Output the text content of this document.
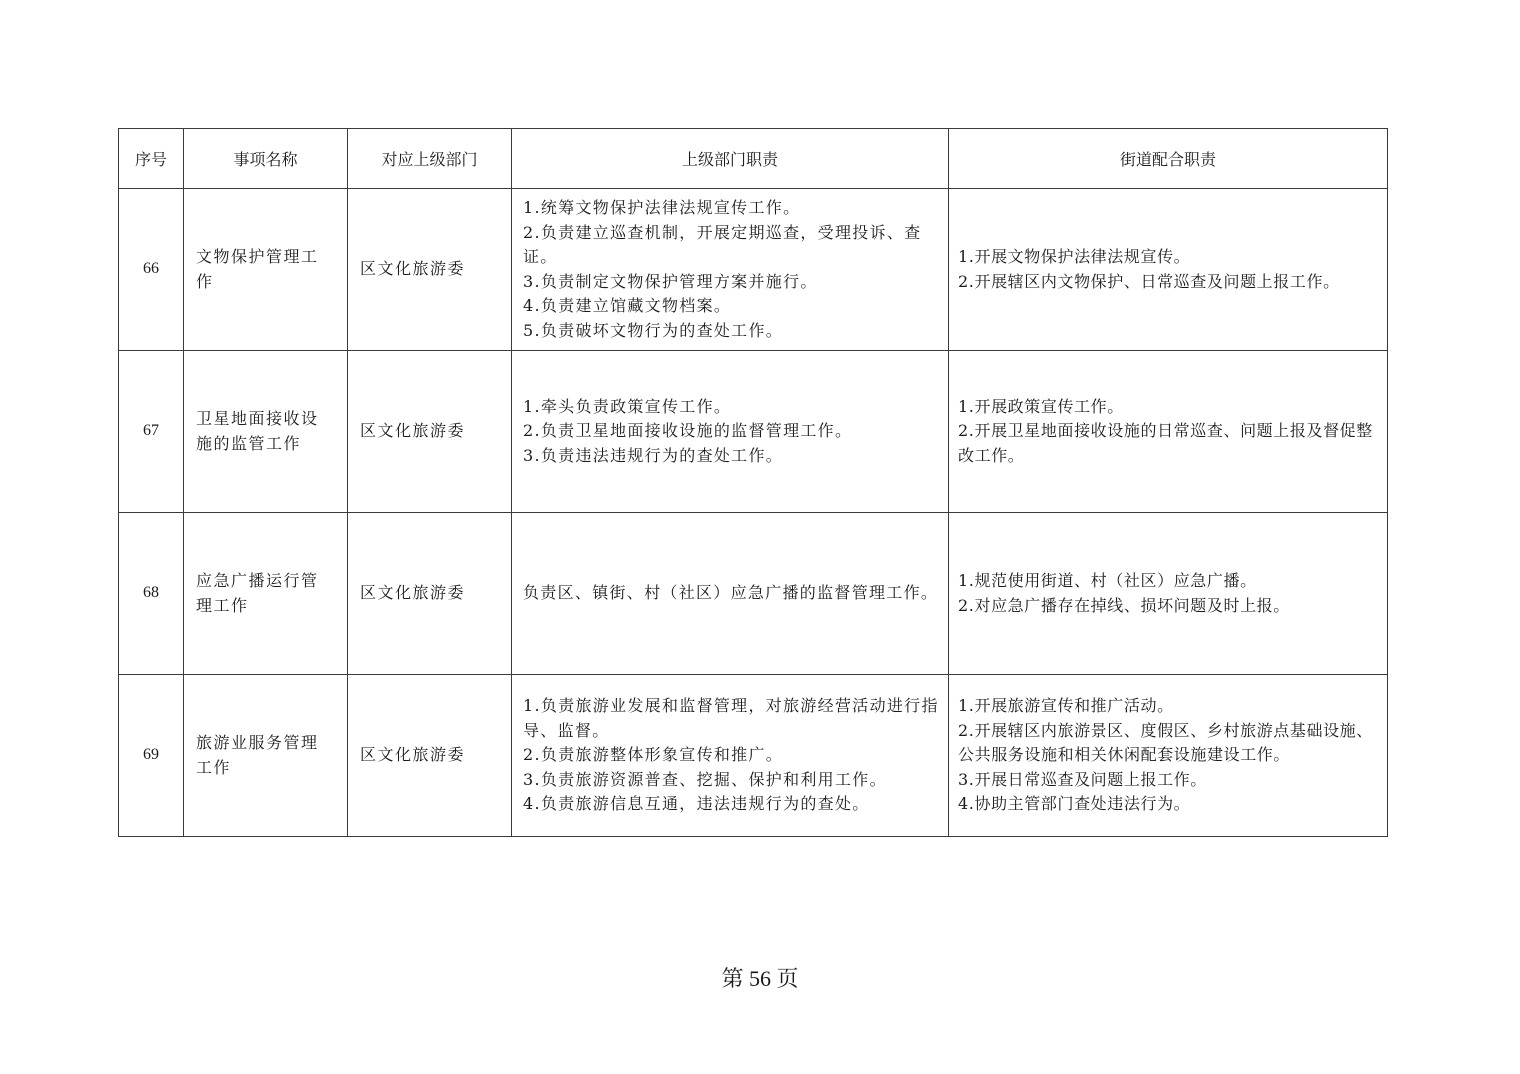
序号	事项名称	对应上级部门	上级部门职责	街道配合职责
66	文物保护管理工作	区文化旅游委	1.统筹文物保护法律法规宣传工作。
2.负责建立巡查机制，开展定期巡查，受理投诉、查证。
3.负责制定文物保护管理方案并施行。
4.负责建立馆藏文物档案。
5.负责破坏文物行为的查处工作。	1.开展文物保护法律法规宣传。
2.开展辖区内文物保护、日常巡查及问题上报工作。

67	卫星地面接收设施的监管工作	区文化旅游委	1.牵头负责政策宣传工作。
2.负责卫星地面接收设施的监督管理工作。
3.负责违法违规行为的查处工作。	1.开展政策宣传工作。
2.开展卫星地面接收设施的日常巡查、问题上报及督促整改工作。

68	应急广播运行管理工作	区文化旅游委	负责区、镇街、村（社区）应急广播的监督管理工作。	1.规范使用街道、村（社区）应急广播。
2.对应急广播存在掉线、损坏问题及时上报。

69	旅游业服务管理工作	区文化旅游委	1.负责旅游业发展和监督管理，对旅游经营活动进行指导、监督。
2.负责旅游整体形象宣传和推广。
3.负责旅游资源普查、挖掘、保护和利用工作。
4.负责旅游信息互通，违法违规行为的查处。	1.开展旅游宣传和推广活动。
2.开展辖区内旅游景区、度假区、乡村旅游点基础设施、公共服务设施和相关休闲配套设施建设工作。
3.开展日常巡查及问题上报工作。
4.协助主管部门查处违法行为。
第 56 页
